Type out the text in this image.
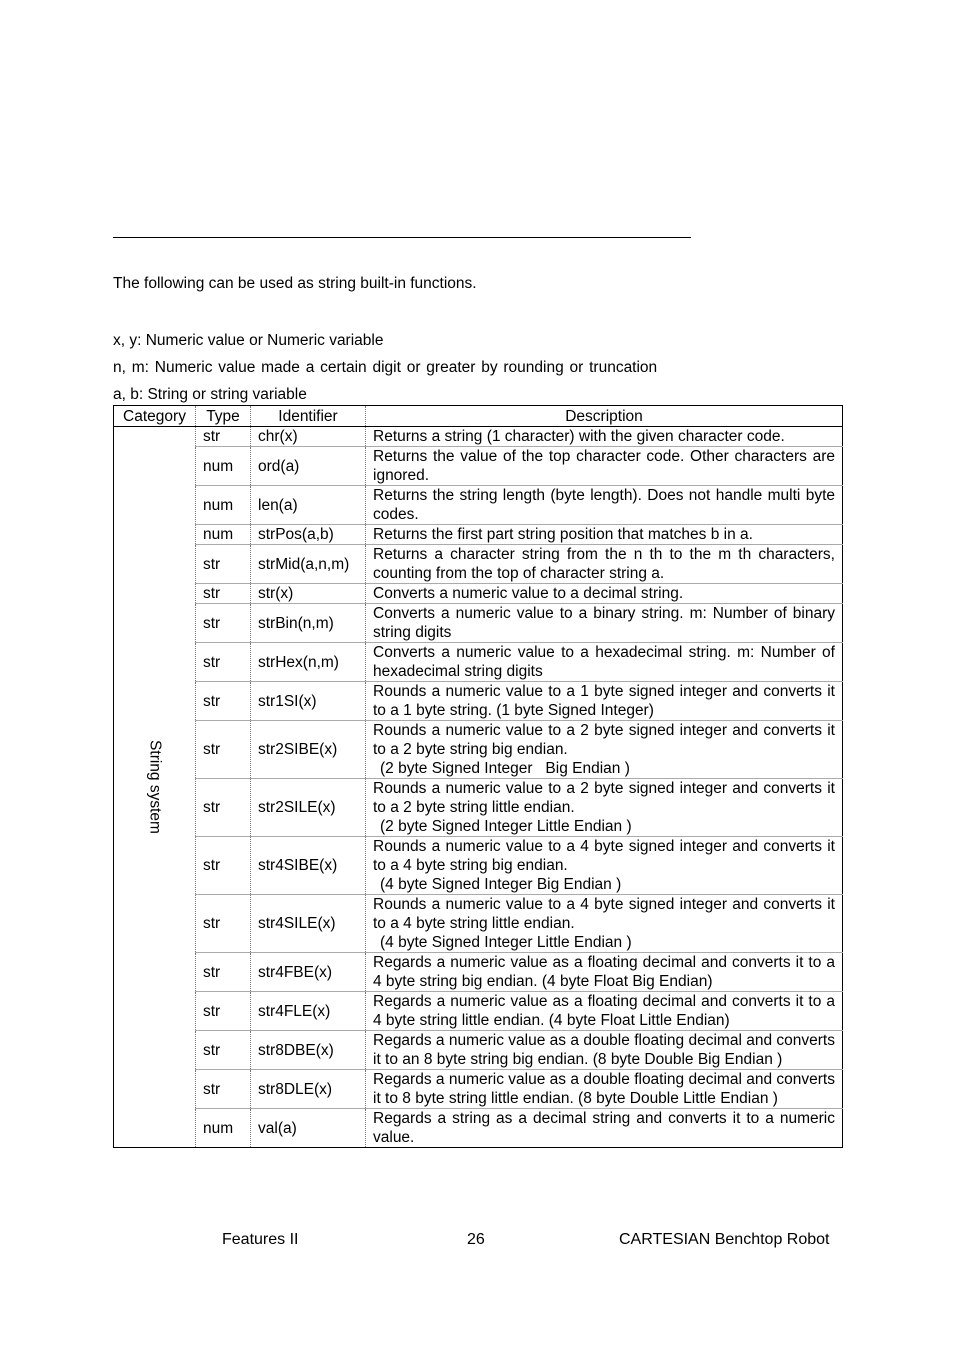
The following can be used as string built-in functions.
x, y: Numeric value or Numeric variable
n, m: Numeric value made a certain digit or greater by rounding or truncation
a, b: String or string variable
Category	Type	Identifier	Description

String system	str	chr(x)	Returns a string (1 character) with the given character code.

	num	ord(a)	Returns the value of the top character code. Other characters are ignored.

	num	len(a)	Returns the string length (byte length). Does not handle multi byte codes.

	num	strPos(a,b)	Returns the first part string position that matches b in a.

	str	strMid(a,n,m)	Returns a character string from the n th to the m th characters, counting from the top of character string a.

	str	str(x)	Converts a numeric value to a decimal string.

	str	strBin(n,m)	Converts a numeric value to a binary string. m: Number of binary string digits

	str	strHex(n,m)	Converts a numeric value to a hexadecimal string. m: Number of hexadecimal string digits

	str	str1SI(x)	Rounds a numeric value to a 1 byte signed integer and converts it to a 1 byte string. (1 byte Signed Integer)

	str	str2SIBE(x)	Rounds a numeric value to a 2 byte signed integer and converts it to a 2 byte string big endian.
(2 byte Signed Integer   Big Endian )

	str	str2SILE(x)	Rounds a numeric value to a 2 byte signed integer and converts it to a 2 byte string little endian.
(2 byte Signed Integer Little Endian )

	str	str4SIBE(x)	Rounds a numeric value to a 4 byte signed integer and converts it to a 4 byte string big endian.
(4 byte Signed Integer Big Endian )

	str	str4SILE(x)	Rounds a numeric value to a 4 byte signed integer and converts it to a 4 byte string little endian.
(4 byte Signed Integer Little Endian )

	str	str4FBE(x)	Regards a numeric value as a floating decimal and converts it to a 4 byte string big endian. (4 byte Float Big Endian)

	str	str4FLE(x)	Regards a numeric value as a floating decimal and converts it to a 4 byte string little endian. (4 byte Float Little Endian)

	str	str8DBE(x)	Regards a numeric value as a double floating decimal and converts it to an 8 byte string big endian. (8 byte Double Big Endian )

	str	str8DLE(x)	Regards a numeric value as a double floating decimal and converts it to 8 byte string little endian. (8 byte Double Little Endian )

	num	val(a)	Regards a string as a decimal string and converts it to a numeric value.
Features II	26	CARTESIAN Benchtop Robot
